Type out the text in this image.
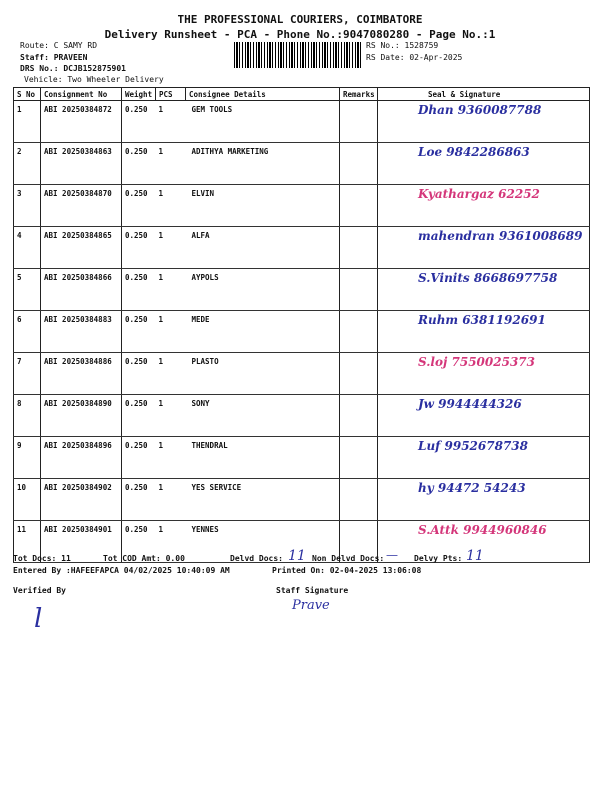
THE PROFESSIONAL COURIERS, COIMBATORE
Delivery Runsheet - PCA - Phone No.:9047080280 - Page No.:1
Route: C SAMY RD
Staff: PRAVEEN
DRS No.: DCJB152875901
Vehicle: Two Wheeler Delivery
RS No.: 1528759
RS Date: 02-Apr-2025
S No	Consignment No	Weight	PCS	Consignee Details	Remarks	Seal & Signature
1	ABI 20250384872	0.250	1	GEM TOOLS		Dhan 9360087788

2	ABI 20250384863	0.250	1	ADITHYA MARKETING		Loe 9842286863

3	ABI 20250384870	0.250	1	ELVIN		Kyathargaz 62252

4	ABI 20250384865	0.250	1	ALFA		mahendran 9361008689

5	ABI 20250384866	0.250	1	AYPOLS		S.Vinits 8668697758

6	ABI 20250384883	0.250	1	MEDE		Ruhm 6381192691

7	ABI 20250384886	0.250	1	PLASTO		S.loj 7550025373

8	ABI 20250384890	0.250	1	SONY		Jw 9944444326

9	ABI 20250384896	0.250	1	THENDRAL		Luf 9952678738

10	ABI 20250384902	0.250	1	YES SERVICE		hy 94472 54243

11	ABI 20250384901	0.250	1	YENNES		S.Attk 9944960846
Tot Docs: 11	Tot COD Amt: 0.00	Delvd Docs: 11 Non Delvd Docs: — Delvy Pts: 11
Entered By :HAFEEFAPCA 04/02/2025 10:40:09 AM	Printed On: 02-04-2025 13:06:08
Verified By	Staff Signature
l	Prave
